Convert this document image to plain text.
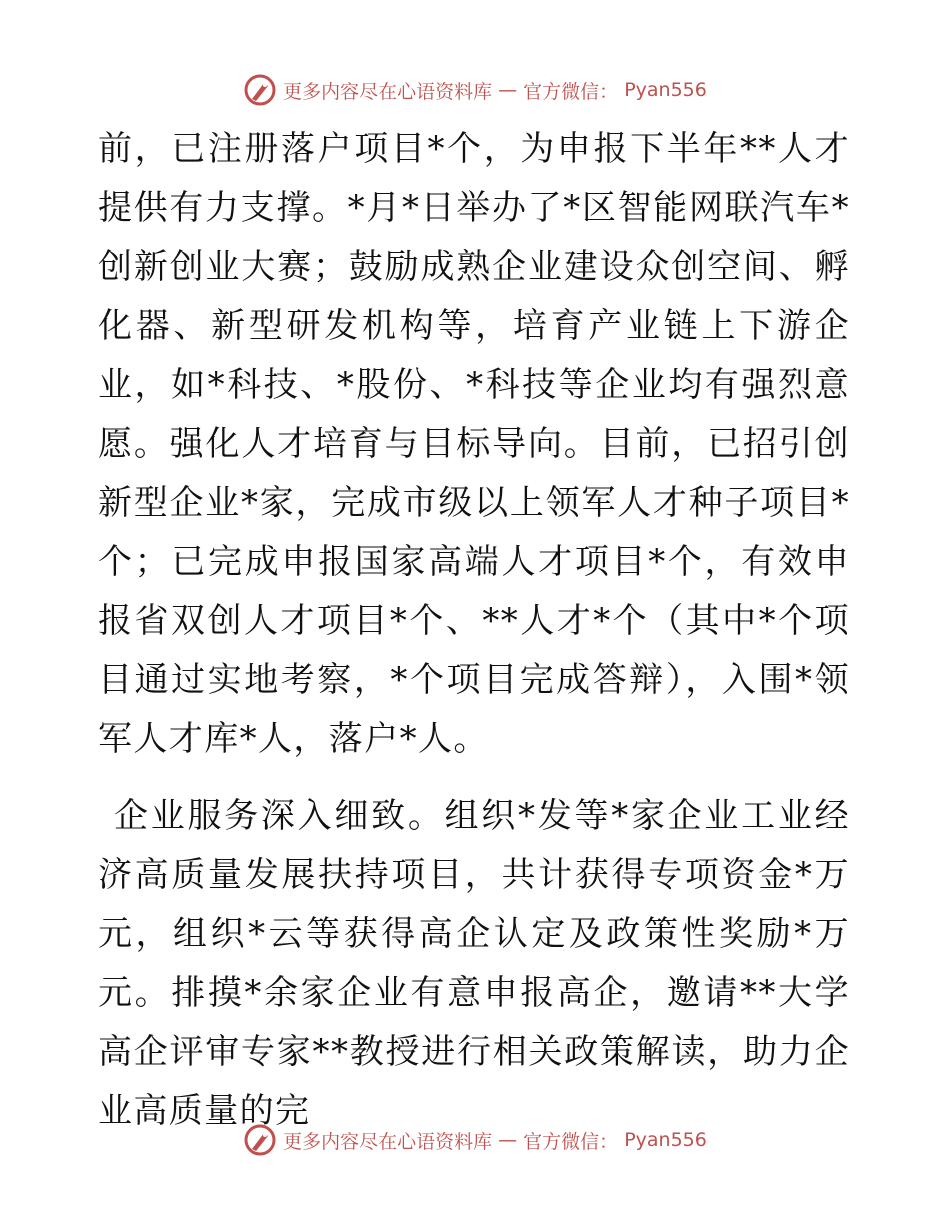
更多内容尽在心语资料库 — 官方微信： Pyan556

前，已注册落户项目*个，为申报下半年**人才提供有力支撑。*月*日举办了*区智能网联汽车*创新创业大赛；鼓励成熟企业建设众创空间、孵化器、新型研发机构等，培育产业链上下游企业，如*科技、*股份、*科技等企业均有强烈意愿。强化人才培育与目标导向。目前，已招引创新型企业*家，完成市级以上领军人才种子项目*个；已完成申报国家高端人才项目*个，有效申报省双创人才项目*个、**人才*个（其中*个项目通过实地考察，*个项目完成答辩），入围*领军人才库*人，落户*人。

企业服务深入细致。组织*发等*家企业工业经济高质量发展扶持项目，共计获得专项资金*万元，组织*云等获得高企认定及政策性奖励*万元。排摸*余家企业有意申报高企，邀请**大学高企评审专家**教授进行相关政策解读，助力企业高质量的完

更多内容尽在心语资料库 — 官方微信： Pyan556
